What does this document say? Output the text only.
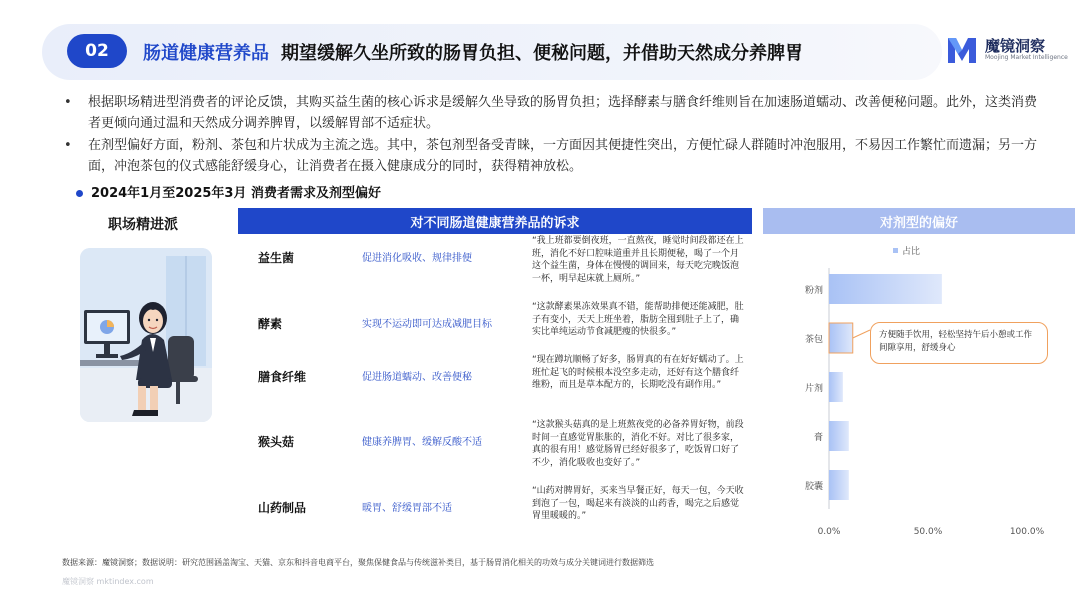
02	肠道健康营养品 期望缓解久坐所致的肠胃负担、便秘问题，并借助天然成分养脾胃	魔镜洞察
Moojing Market Intelligence
• 根据职场精进型消费者的评论反馈，其购买益生菌的核心诉求是缓解久坐导致的肠胃负担；选择酵素与膳食纤维则旨在加速肠道蠕动、改善便秘问题。此外，这类消费者更倾向通过温和天然成分调养脾胃，以缓解胃部不适症状。
• 在剂型偏好方面，粉剂、茶包和片状成为主流之选。其中，茶包剂型备受青睐，一方面因其便捷性突出，方便忙碌人群随时冲泡服用，不易因工作繁忙而遗漏；另一方面，冲泡茶包的仪式感能舒缓身心，让消费者在摄入健康成分的同时，获得精神放松。
2024年1月至2025年3月 消费者需求及剂型偏好
职场精进派	对不同肠道健康营养品的诉求
益生菌	促进消化吸收、规律排便
“我上班都要倒夜班，一直熬夜，睡觉时间段都还在上班，消化不好口腔味道重并且长期便秘，喝了一个月这个益生菌，身体在慢慢的调回来，每天吃完晚饭泡一杯，明早起床就上厕所。”
酵素	实现不运动即可达成减肥目标
“这款酵素果冻效果真不错，能帮助排便还能减肥，肚子有变小，天天上班坐着，脂肪全囤到肚子上了，确实比单纯运动节食减肥瘦的快很多。”
膳食纤维	促进肠道蠕动、改善便秘
“现在蹲坑顺畅了好多，肠胃真的有在好好蠕动了。上班忙起飞的时候根本没空多走动，还好有这个膳食纤维粉，而且是草本配方的，长期吃没有副作用。”
猴头菇	健康养脾胃、缓解反酸不适
“这款猴头菇真的是上班熬夜党的必备养胃好物，前段时间一直感觉胃胀胀的，消化不好。对比了很多家，真的很有用！感觉肠胃已经好很多了，吃饭胃口好了不少，消化吸收也变好了。”
山药制品	暖胃、舒缓胃部不适
“山药对脾胃好，买来当早餐正好，每天一包，今天收到泡了一包，喝起来有淡淡的山药香，喝完之后感觉胃里暖暖的。”
对剂型的偏好
占比
粉剂
茶包
片剂
膏
胶囊
0.0%	50.0%	100.0%
方便随手饮用，轻松坚持午后小憩或工作间隙享用，舒缓身心
数据来源：魔镜洞察；数据说明：研究范围涵盖淘宝、天猫、京东和抖音电商平台，聚焦保健食品与传统滋补类目，基于肠胃消化相关的功效与成分关键词进行数据筛选
魔镜洞察 mktindex.com
